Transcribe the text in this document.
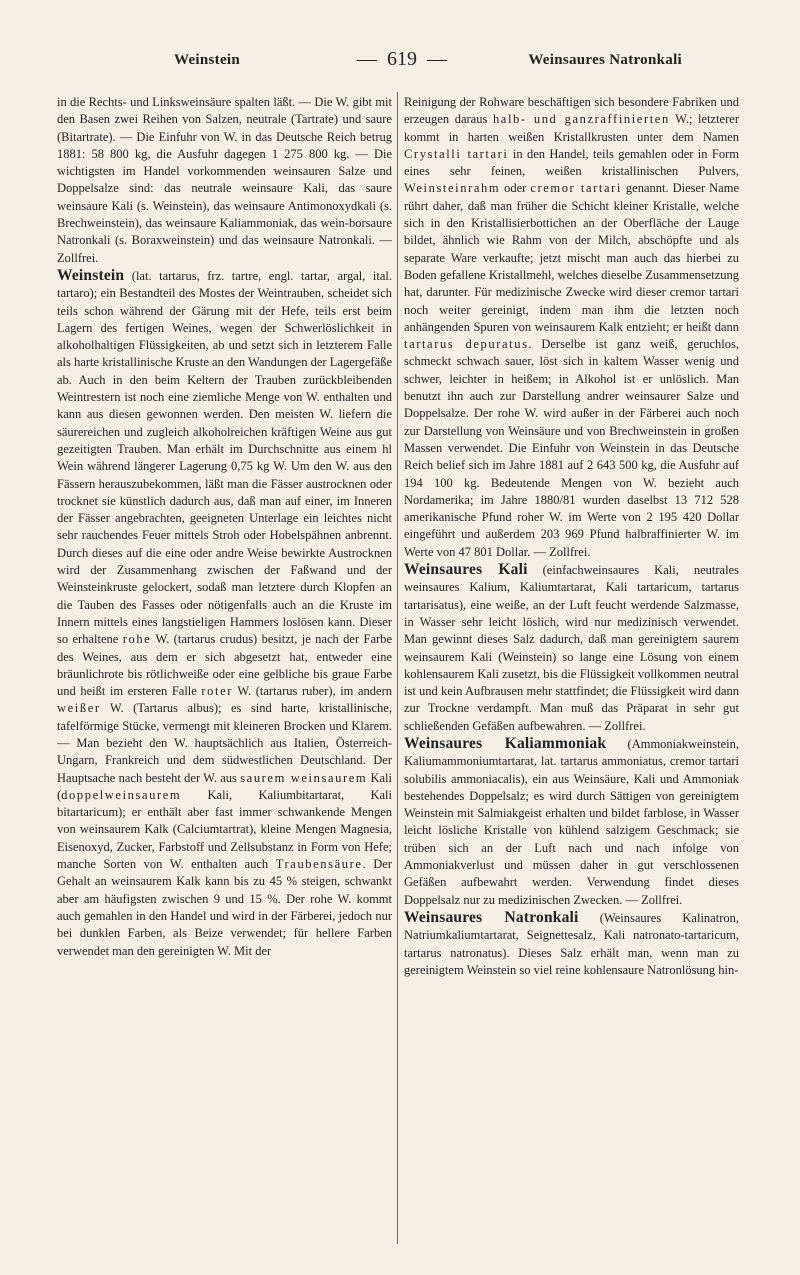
Weinstein	— 619 —	Weinsaures Natronkali

in die Rechts- und Linksweinsäure spalten läßt. — Die W. gibt mit den Basen zwei Reihen von Salzen, neutrale (Tartrate) und saure (Bitartrate). — Die Einfuhr von W. in das Deutsche Reich betrug 1881: 58 800 kg, die Ausfuhr dagegen 1 275 800 kg. — Die wichtigsten im Handel vorkommenden weinsauren Salze und Doppelsalze sind: das neutrale weinsaure Kali, das saure weinsaure Kali (s. Weinstein), das weinsaure Antimonoxydkali (s. Brechweinstein), das weinsaure Kaliammoniak, das wein-borsaure Natronkali (s. Boraxweinstein) und das weinsaure Natronkali. — Zollfrei.

Weinstein (lat. tartarus, frz. tartre, engl. tartar, argal, ital. tartaro); ein Bestandteil des Mostes der Weintrauben, scheidet sich teils schon während der Gärung mit der Hefe, teils erst beim Lagern des fertigen Weines, wegen der Schwerlöslichkeit in alkoholhaltigen Flüssigkeiten, ab und setzt sich in letzterem Falle als harte kristallinische Kruste an den Wandungen der Lagergefäße ab. Auch in den beim Keltern der Trauben zurückbleibenden Weintrestern ist noch eine ziemliche Menge von W. enthalten und kann aus diesen gewonnen werden. Den meisten W. liefern die säurereichen und zugleich alkoholreichen kräftigen Weine aus gut gezeitigten Trauben. Man erhält im Durchschnitte aus einem hl Wein während längerer Lagerung 0,75 kg W. Um den W. aus den Fässern herauszubekommen, läßt man die Fässer austrocknen oder trocknet sie künstlich dadurch aus, daß man auf einer, im Inneren der Fässer angebrachten, geeigneten Unterlage ein leichtes nicht sehr rauchendes Feuer mittels Stroh oder Hobelspähnen anbrennt. Durch dieses auf die eine oder andre Weise bewirkte Austrocknen wird der Zusammenhang zwischen der Faßwand und der Weinsteinkruste gelockert, sodaß man letztere durch Klopfen an die Tauben des Fasses oder nötigenfalls auch an die Kruste im Innern mittels eines langstieligen Hammers loslösen kann. Dieser so erhaltene rohe W. (tartarus crudus) besitzt, je nach der Farbe des Weines, aus dem er sich abgesetzt hat, entweder eine bräunlichrote bis rötlichweiße oder eine gelbliche bis graue Farbe und heißt im ersteren Falle roter W. (tartarus ruber), im andern weißer W. (Tartarus albus); es sind harte, kristallinische, tafelförmige Stücke, vermengt mit kleineren Brocken und Klarem. — Man bezieht den W. hauptsächlich aus Italien, Österreich-Ungarn, Frankreich und dem südwestlichen Deutschland. Der Hauptsache nach besteht der W. aus saurem weinsaurem Kali (doppelweinsaurem Kali, Kaliumbitartarat, Kali bitartaricum); er enthält aber fast immer schwankende Mengen von weinsaurem Kalk (Calciumtartrat), kleine Mengen Magnesia, Eisenoxyd, Zucker, Farbstoff und Zellsubstanz in Form von Hefe; manche Sorten von W. enthalten auch Traubensäure. Der Gehalt an weinsaurem Kalk kann bis zu 45 % steigen, schwankt aber am häufigsten zwischen 9 und 15 %. Der rohe W. kommt auch gemahlen in den Handel und wird in der Färberei, jedoch nur bei dunklen Farben, als Beize verwendet; für hellere Farben verwendet man den gereinigten W. Mit der

Reinigung der Rohware beschäftigen sich besondere Fabriken und erzeugen daraus halb- und ganzraffinierten W.; letzterer kommt in harten weißen Kristallkrusten unter dem Namen Crystalli tartari in den Handel, teils gemahlen oder in Form eines sehr feinen, weißen kristallinischen Pulvers, Weinsteinrahm oder cremor tartari genannt. Dieser Name rührt daher, daß man früher die Schicht kleiner Kristalle, welche sich in den Kristallisierbottichen an der Oberfläche der Lauge bildet, ähnlich wie Rahm von der Milch, abschöpfte und als separate Ware verkaufte; jetzt mischt man auch das hierbei zu Boden gefallene Kristallmehl, welches dieselbe Zusammensetzung hat, darunter. Für medizinische Zwecke wird dieser cremor tartari noch weiter gereinigt, indem man ihm die letzten noch anhängenden Spuren von weinsaurem Kalk entzieht; er heißt dann tartarus depuratus. Derselbe ist ganz weiß, geruchlos, schmeckt schwach sauer, löst sich in kaltem Wasser wenig und schwer, leichter in heißem; in Alkohol ist er unlöslich. Man benutzt ihn auch zur Darstellung andrer weinsaurer Salze und Doppelsalze. Der rohe W. wird außer in der Färberei auch noch zur Darstellung von Weinsäure und von Brechweinstein in großen Massen verwendet. Die Einfuhr von Weinstein in das Deutsche Reich belief sich im Jahre 1881 auf 2 643 500 kg, die Ausfuhr auf 194 100 kg. Bedeutende Mengen von W. bezieht auch Nordamerika; im Jahre 1880/81 wurden daselbst 13 712 528 amerikanische Pfund roher W. im Werte von 2 195 420 Dollar eingeführt und außerdem 203 969 Pfund halbraffinierter W. im Werte von 47 801 Dollar. — Zollfrei.

Weinsaures Kali (einfachweinsaures Kali, neutrales weinsaures Kalium, Kaliumtartarat, Kali tartaricum, tartarus tartarisatus), eine weiße, an der Luft feucht werdende Salzmasse, in Wasser sehr leicht löslich, wird nur medizinisch verwendet. Man gewinnt dieses Salz dadurch, daß man gereinigtem saurem weinsaurem Kali (Weinstein) so lange eine Lösung von einem kohlensaurem Kali zusetzt, bis die Flüssigkeit vollkommen neutral ist und kein Aufbrausen mehr stattfindet; die Flüssigkeit wird dann zur Trockne verdampft. Man muß das Präparat in sehr gut schließenden Gefäßen aufbewahren. — Zollfrei.

Weinsaures Kaliammoniak (Ammoniakweinstein, Kaliumammoniumtartarat, lat. tartarus ammoniatus, cremor tartari solubilis ammoniacalis), ein aus Weinsäure, Kali und Ammoniak bestehendes Doppelsalz; es wird durch Sättigen von gereinigtem Weinstein mit Salmiakgeist erhalten und bildet farblose, in Wasser leicht lösliche Kristalle von kühlend salzigem Geschmack; sie trüben sich an der Luft nach und nach infolge von Ammoniakverlust und müssen daher in gut verschlossenen Gefäßen aufbewahrt werden. Verwendung findet dieses Doppelsalz nur zu medizinischen Zwecken. — Zollfrei.

Weinsaures Natronkali (Weinsaures Kalinatron, Natriumkaliumtartarat, Seignettesalz, Kali natronato-tartaricum, tartarus natronatus). Dieses Salz erhält man, wenn man zu gereinigtem Weinstein so viel reine kohlensaure Natronlösung hin-
